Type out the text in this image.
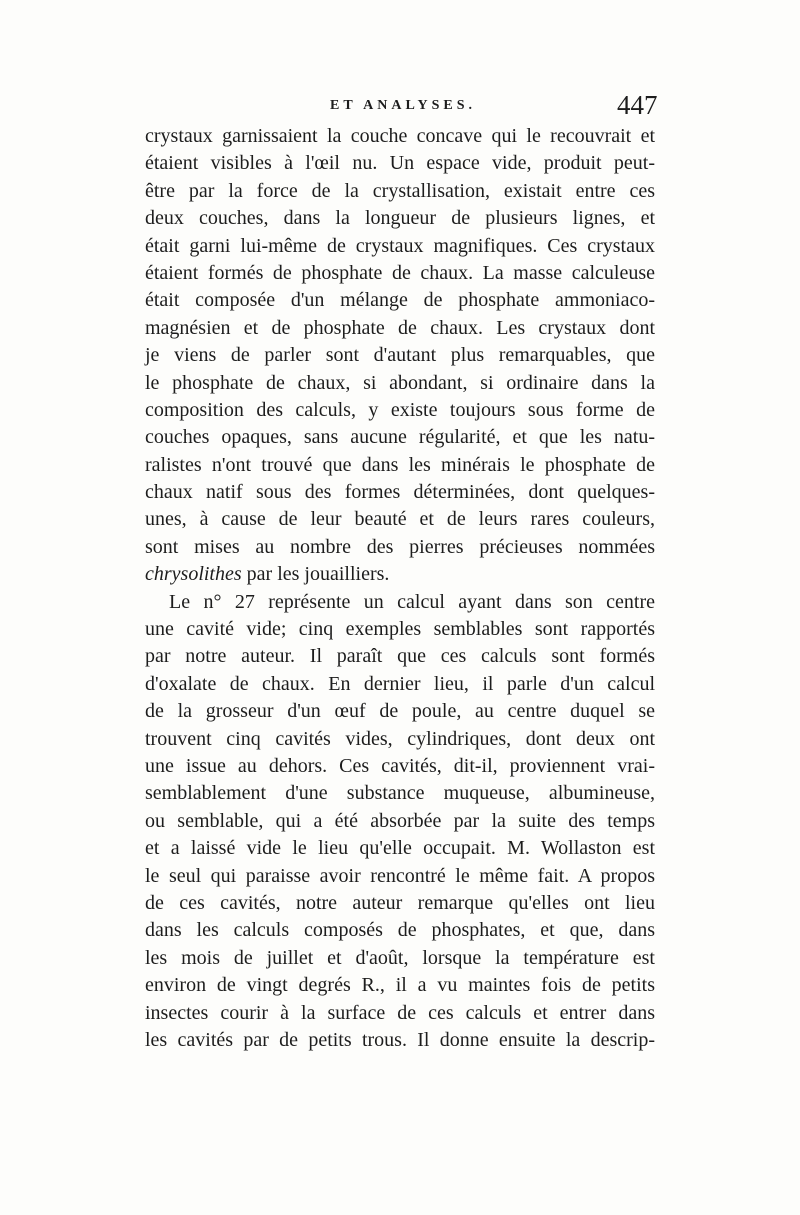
ET ANALYSES.	447
crystaux garnissaient la couche concave qui le recouvrait et
étaient visibles à l'œil nu. Un espace vide, produit peut-
être par la force de la crystallisation, existait entre ces
deux couches, dans la longueur de plusieurs lignes, et
était garni lui-même de crystaux magnifiques. Ces crystaux
étaient formés de phosphate de chaux. La masse calculeuse
était composée d'un mélange de phosphate ammoniaco-
magnésien et de phosphate de chaux. Les crystaux dont
je viens de parler sont d'autant plus remarquables, que
le phosphate de chaux, si abondant, si ordinaire dans la
composition des calculs, y existe toujours sous forme de
couches opaques, sans aucune régularité, et que les natu-
ralistes n'ont trouvé que dans les minérais le phosphate de
chaux natif sous des formes déterminées, dont quelques-
unes, à cause de leur beauté et de leurs rares couleurs,
sont mises au nombre des pierres précieuses nommées
chrysolithes par les jouailliers.
Le n° 27 représente un calcul ayant dans son centre
une cavité vide; cinq exemples semblables sont rapportés
par notre auteur. Il paraît que ces calculs sont formés
d'oxalate de chaux. En dernier lieu, il parle d'un calcul
de la grosseur d'un œuf de poule, au centre duquel se
trouvent cinq cavités vides, cylindriques, dont deux ont
une issue au dehors. Ces cavités, dit-il, proviennent vrai-
semblablement d'une substance muqueuse, albumineuse,
ou semblable, qui a été absorbée par la suite des temps
et a laissé vide le lieu qu'elle occupait. M. Wollaston est
le seul qui paraisse avoir rencontré le même fait. A propos
de ces cavités, notre auteur remarque qu'elles ont lieu
dans les calculs composés de phosphates, et que, dans
les mois de juillet et d'août, lorsque la température est
environ de vingt degrés R., il a vu maintes fois de petits
insectes courir à la surface de ces calculs et entrer dans
les cavités par de petits trous. Il donne ensuite la descrip-
